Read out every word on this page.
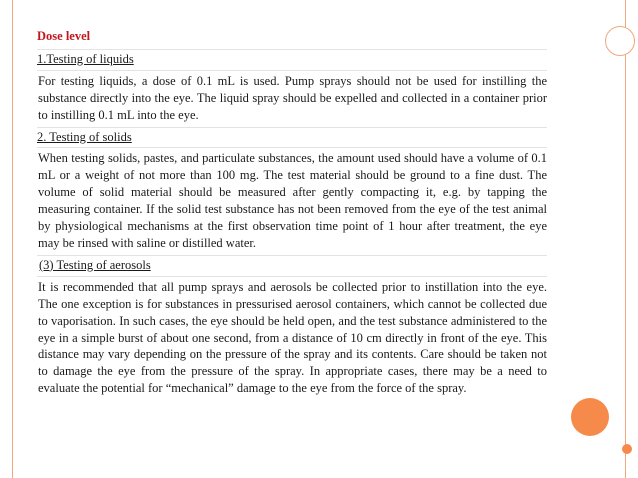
Dose level

1.Testing of liquids

For testing liquids, a dose of 0.1 mL is used. Pump sprays should not be used for instilling the substance directly into the eye. The liquid spray should be expelled and collected in a container prior to instilling 0.1 mL into the eye.

2. Testing of solids

When testing solids, pastes, and particulate substances, the amount used should have a volume of 0.1 mL or a weight of not more than 100 mg. The test material should be ground to a fine dust. The volume of solid material should be measured after gently compacting it, e.g. by tapping the measuring container. If the solid test substance has not been removed from the eye of the test animal by physiological mechanisms at the first observation time point of 1 hour after treatment, the eye may be rinsed with saline or distilled water.

(3) Testing of aerosols

It is recommended that all pump sprays and aerosols be collected prior to instillation into the eye. The one exception is for substances in pressurised aerosol containers, which cannot be collected due to vaporisation. In such cases, the eye should be held open, and the test substance administered to the eye in a simple burst of about one second, from a distance of 10 cm directly in front of the eye. This distance may vary depending on the pressure of the spray and its contents. Care should be taken not to damage the eye from the pressure of the spray. In appropriate cases, there may be a need to evaluate the potential for “mechanical” damage to the eye from the force of the spray.
